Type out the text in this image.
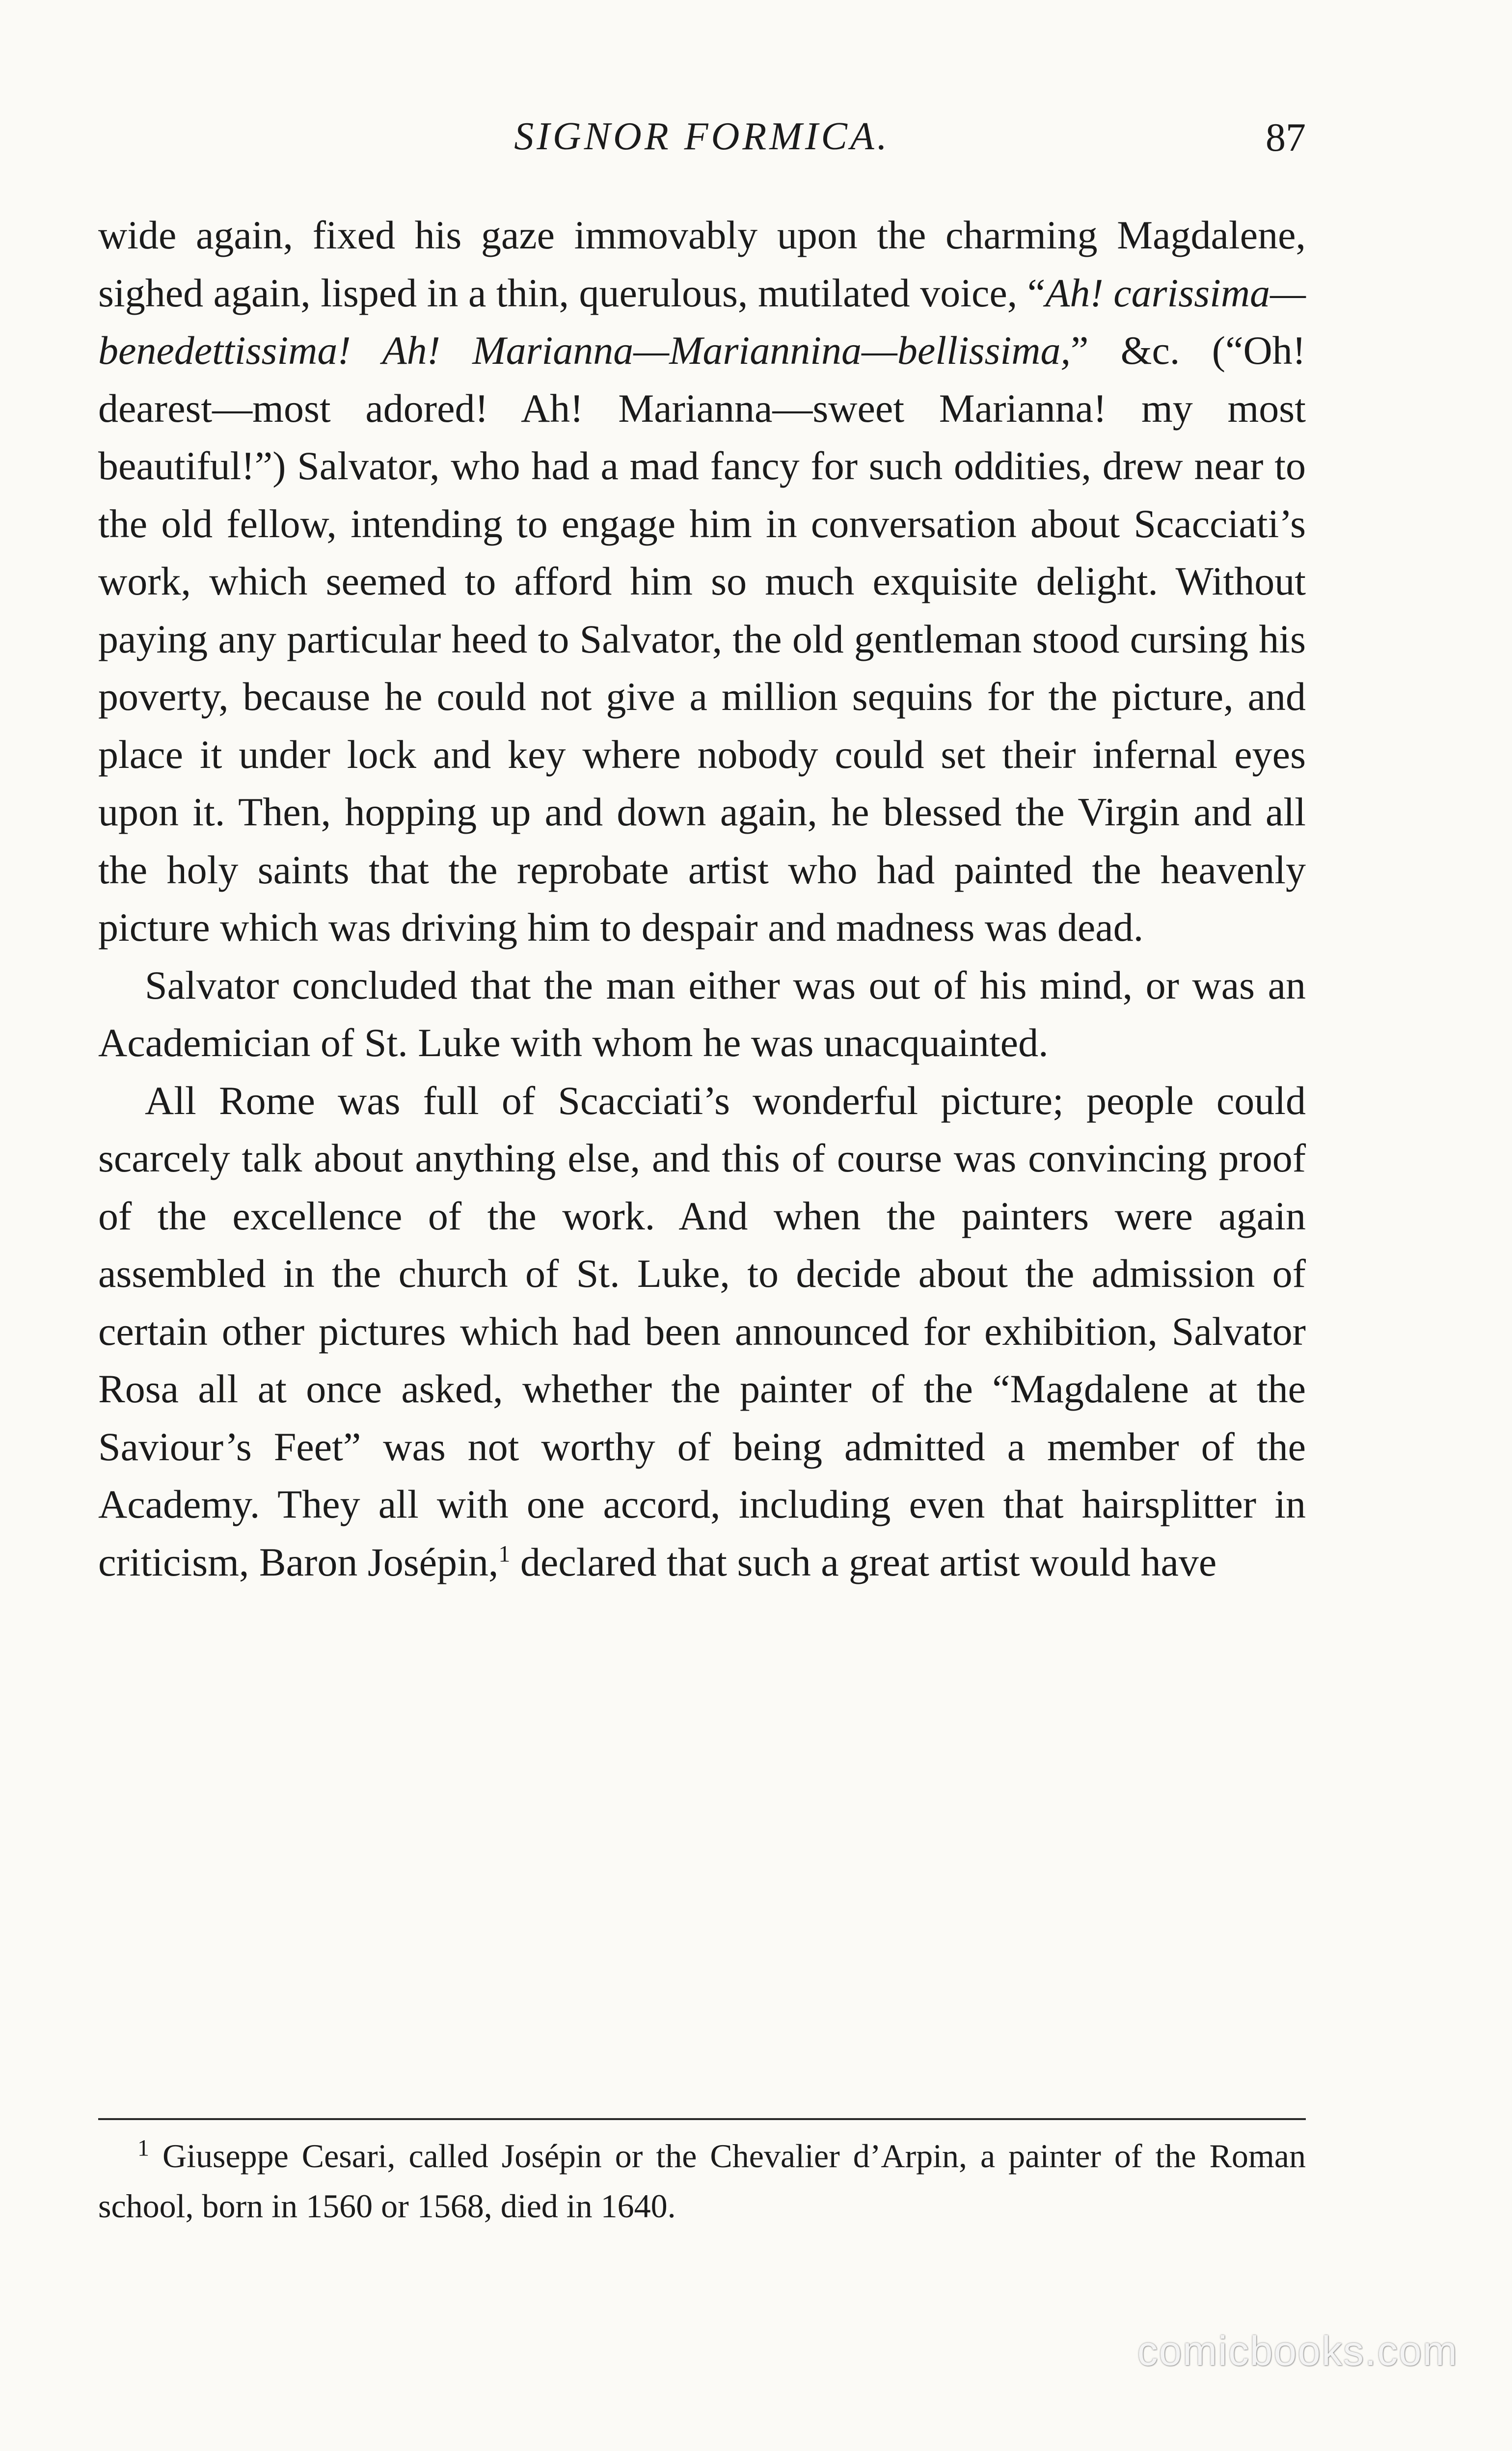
SIGNOR FORMICA.	87

wide again, fixed his gaze immovably upon the charming Magdalene, sighed again, lisped in a thin, querulous, mutilated voice, “Ah! carissima—benedettissima! Ah! Marianna—Mariannina—bellissima,” &c. (“Oh! dearest—most adored! Ah! Marianna—sweet Marianna! my most beautiful!”) Salvator, who had a mad fancy for such oddities, drew near to the old fellow, intending to engage him in conversation about Scacciati’s work, which seemed to afford him so much exquisite delight. Without paying any particular heed to Salvator, the old gentleman stood cursing his poverty, because he could not give a million sequins for the picture, and place it under lock and key where nobody could set their infernal eyes upon it. Then, hopping up and down again, he blessed the Virgin and all the holy saints that the reprobate artist who had painted the heavenly picture which was driving him to despair and madness was dead.

Salvator concluded that the man either was out of his mind, or was an Academician of St. Luke with whom he was unacquainted.

All Rome was full of Scacciati’s wonderful picture; people could scarcely talk about anything else, and this of course was convincing proof of the excellence of the work. And when the painters were again assembled in the church of St. Luke, to decide about the admission of certain other pictures which had been announced for exhibition, Salvator Rosa all at once asked, whether the painter of the “Magdalene at the Saviour’s Feet” was not worthy of being admitted a member of the Academy. They all with one accord, including even that hairsplitter in criticism, Baron Josépin,$^1$ declared that such a great artist would have

$^1$ Giuseppe Cesari, called Josépin or the Chevalier d’Arpin, a painter of the Roman school, born in 1560 or 1568, died in 1640.

comicbooks.com
